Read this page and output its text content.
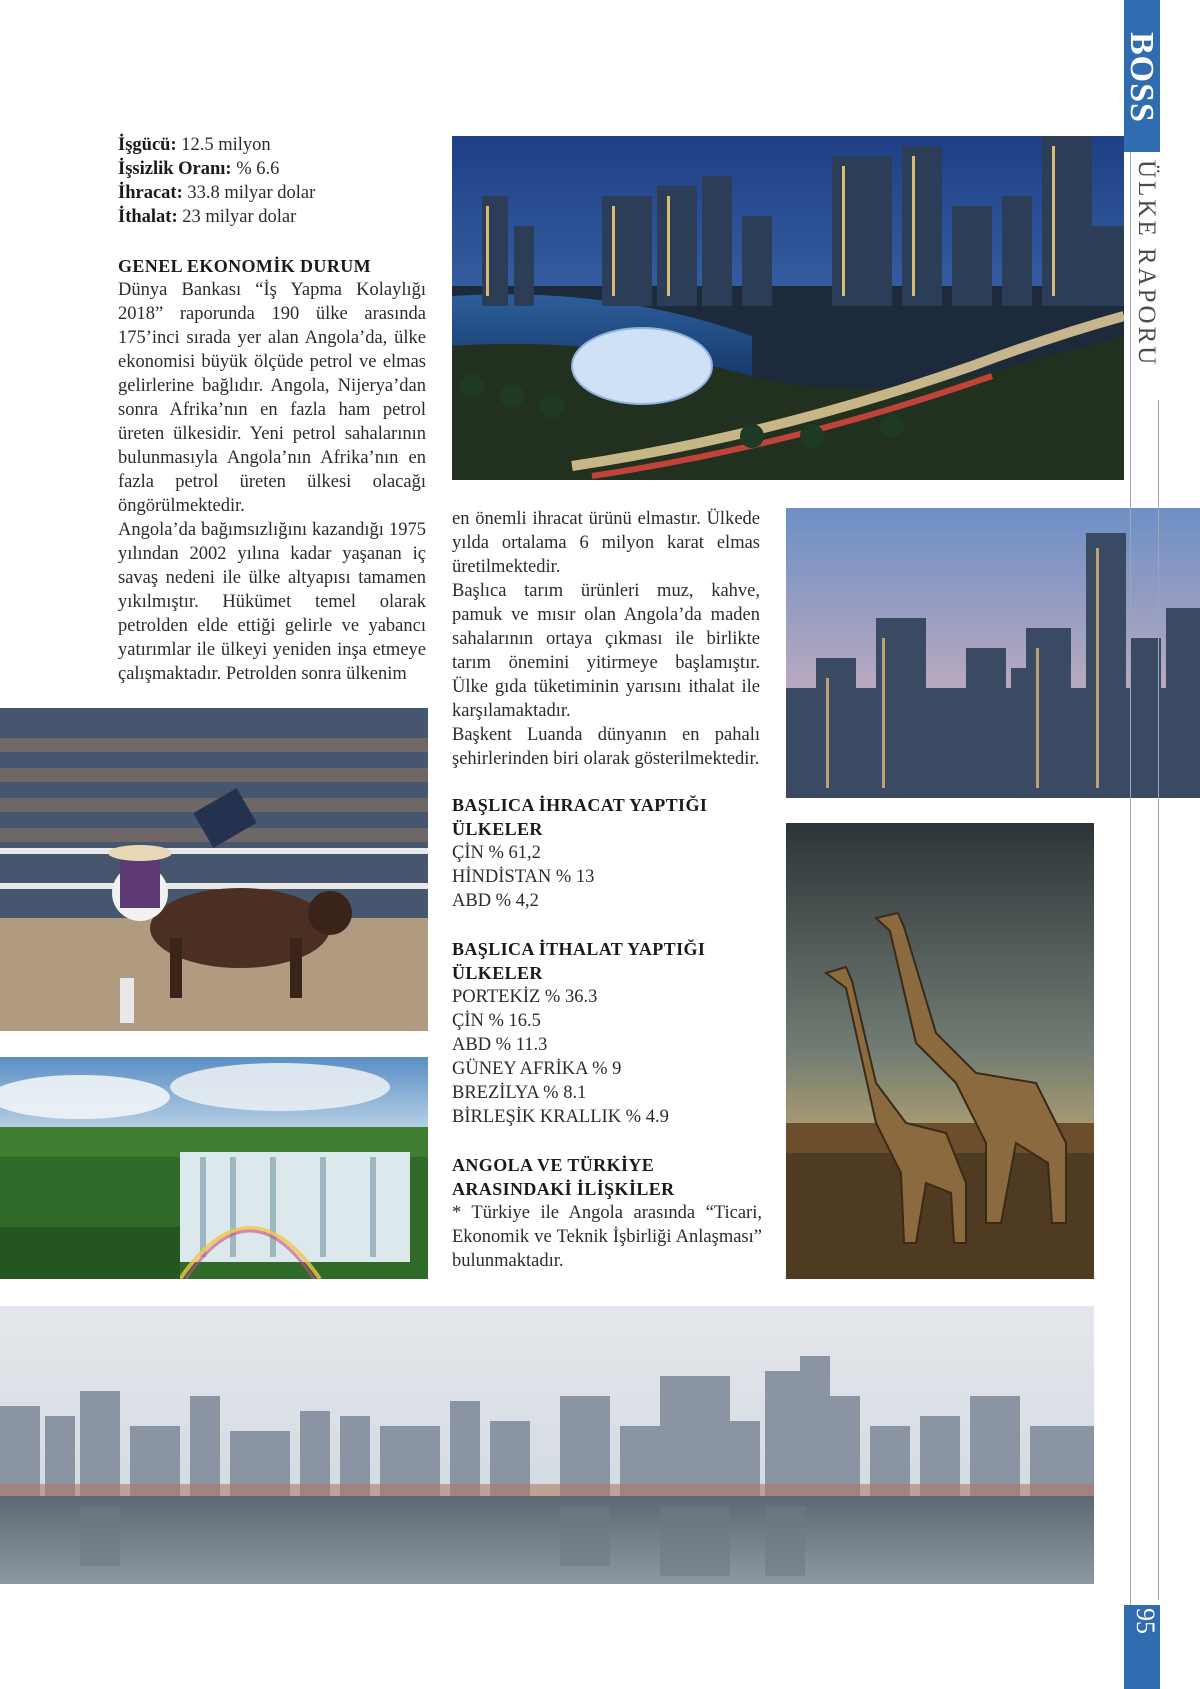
İşgücü: 12.5 milyon
İşsizlik Oranı: % 6.6
İhracat: 33.8 milyar dolar
İthalat: 23 milyar dolar
GENEL EKONOMİK DURUM

Dünya Bankası “İş Yapma Kolaylığı 2018” raporunda 190 ülke arasında 175’inci sırada yer alan Angola’da, ülke ekonomisi büyük ölçüde petrol ve elmas gelirlerine bağlıdır. Angola, Nijerya’dan sonra Afrika’nın en fazla ham petrol üreten ülkesidir. Yeni petrol sahalarının bulunmasıyla Angola’nın Afrika’nın en fazla petrol üreten ülkesi olacağı öngörülmektedir.

Angola’da bağımsızlığını kazandığı 1975 yılından 2002 yılına kadar yaşanan iç savaş nedeni ile ülke altyapısı tamamen yıkılmıştır. Hükümet temel olarak petrolden elde ettiği gelirle ve yabancı yatırımlar ile ülkeyi yeniden inşa etmeye çalışmaktadır. Petrolden sonra ülkenim

en önemli ihracat ürünü elmastır. Ülkede yılda ortalama 6 milyon karat elmas üretilmektedir.

Başlıca tarım ürünleri muz, kahve, pamuk ve mısır olan Angola’da maden sahalarının ortaya çıkması ile birlikte tarım önemini yitirmeye başlamıştır. Ülke gıda tüketiminin yarısını ithalat ile karşılamaktadır.

Başkent Luanda dünyanın en pahalı şehirlerinden biri olarak gösterilmektedir.

BAŞLICA İHRACAT YAPTIĞI
ÜLKELER
ÇİN % 61,2
HİNDİSTAN % 13
ABD % 4,2
BAŞLICA İTHALAT YAPTIĞI
ÜLKELER
PORTEKİZ % 36.3
ÇİN % 16.5
ABD % 11.3
GÜNEY AFRİKA % 9
BREZİLYA % 8.1
BİRLEŞİK KRALLIK % 4.9
ANGOLA VE TÜRKİYE
ARASINDAKİ İLİŞKİLER

* Türkiye ile Angola arasında “Ticari, Ekonomik ve Teknik İşbirliği Anlaşması” bulunmaktadır.

BOSS
ÜLKE RAPORU
95
